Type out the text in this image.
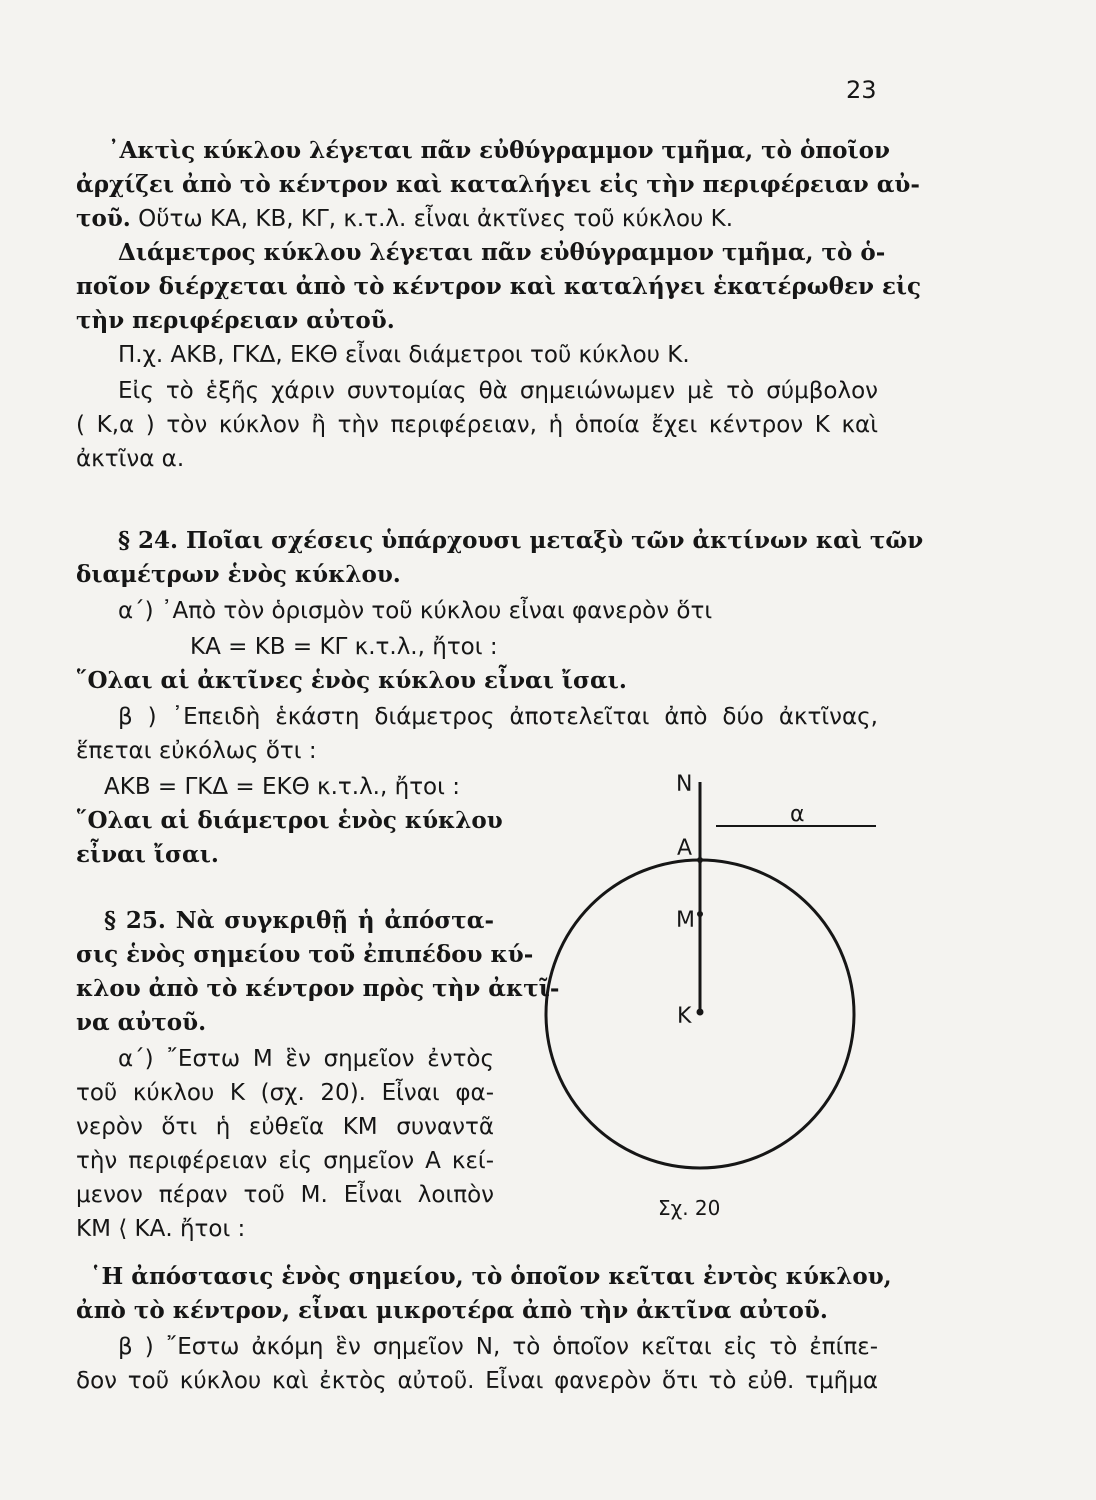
23
᾿Ακτὶς κύκλου λέγεται πᾶν εὐθύγραμμον τμῆμα, τὸ ὁποῖον
ἀρχίζει ἀπὸ τὸ κέντρον καὶ καταλήγει εἰς τὴν περιφέρειαν αὐ-
τοῦ. Οὕτω ΚΑ, ΚΒ, ΚΓ, κ.τ.λ. εἶναι ἀκτῖνες τοῦ κύκλου Κ.
Διάμετρος κύκλου λέγεται πᾶν εὐθύγραμμον τμῆμα, τὸ ὁ-
ποῖον διέρχεται ἀπὸ τὸ κέντρον καὶ καταλήγει ἑκατέρωθεν εἰς
τὴν περιφέρειαν αὐτοῦ.
Π.χ. ΑΚΒ, ΓΚΔ, ΕΚΘ εἶναι διάμετροι τοῦ κύκλου Κ.
Εἰς τὸ ἑξῆς χάριν συντομίας θὰ σημειώνωμεν μὲ τὸ σύμβολον
( Κ,α ) τὸν κύκλον ἢ τὴν περιφέρειαν, ἡ ὁποία ἔχει κέντρον Κ καὶ
ἀκτῖνα α.
§ 24. Ποῖαι σχέσεις ὑπάρχουσι μεταξὺ τῶν ἀκτίνων καὶ τῶν
διαμέτρων ἑνὸς κύκλου.
α΄) ᾿Απὸ τὸν ὁρισμὸν τοῦ κύκλου εἶναι φανερὸν ὅτι
ΚΑ = ΚΒ = ΚΓ κ.τ.λ., ἤτοι :
῞Ολαι αἱ ἀκτῖνες ἑνὸς κύκλου εἶναι ἴσαι.
β ) ᾿Επειδὴ ἑκάστη διάμετρος ἀποτελεῖται ἀπὸ δύο ἀκτῖνας,
ἕπεται εὐκόλως ὅτι :
ΑΚΒ = ΓΚΔ = ΕΚΘ κ.τ.λ., ἤτοι :
῞Ολαι αἱ διάμετροι ἑνὸς κύκλου
εἶναι ἴσαι.
§ 25. Νὰ συγκριθῇ ἡ ἀπόστα-
σις ἑνὸς σημείου τοῦ ἐπιπέδου κύ-
κλου ἀπὸ τὸ κέντρον πρὸς τὴν ἀκτῖ-
να αὐτοῦ.
α΄) ῎Εστω Μ ἓν σημεῖον ἐντὸς
τοῦ κύκλου Κ (σχ. 20). Εἶναι φα-
νερὸν ὅτι ἡ εὐθεῖα ΚΜ συναντᾶ
τὴν περιφέρειαν εἰς σημεῖον Α κεί-
μενον πέραν τοῦ Μ. Εἶναι λοιπὸν
ΚΜ ⟨ ΚΑ. ἤτοι :
῾Η ἀπόστασις ἑνὸς σημείου, τὸ ὁποῖον κεῖται ἐντὸς κύκλου,
ἀπὸ τὸ κέντρον, εἶναι μικροτέρα ἀπὸ τὴν ἀκτῖνα αὐτοῦ.
β ) ῎Εστω ἀκόμη ἓν σημεῖον Ν, τὸ ὁποῖον κεῖται εἰς τὸ ἐπίπε-
δον τοῦ κύκλου καὶ ἐκτὸς αὐτοῦ. Εἶναι φανερὸν ὅτι τὸ εὐθ. τμῆμα
Ν
α
Α
Μ
Κ
Σχ. 20
